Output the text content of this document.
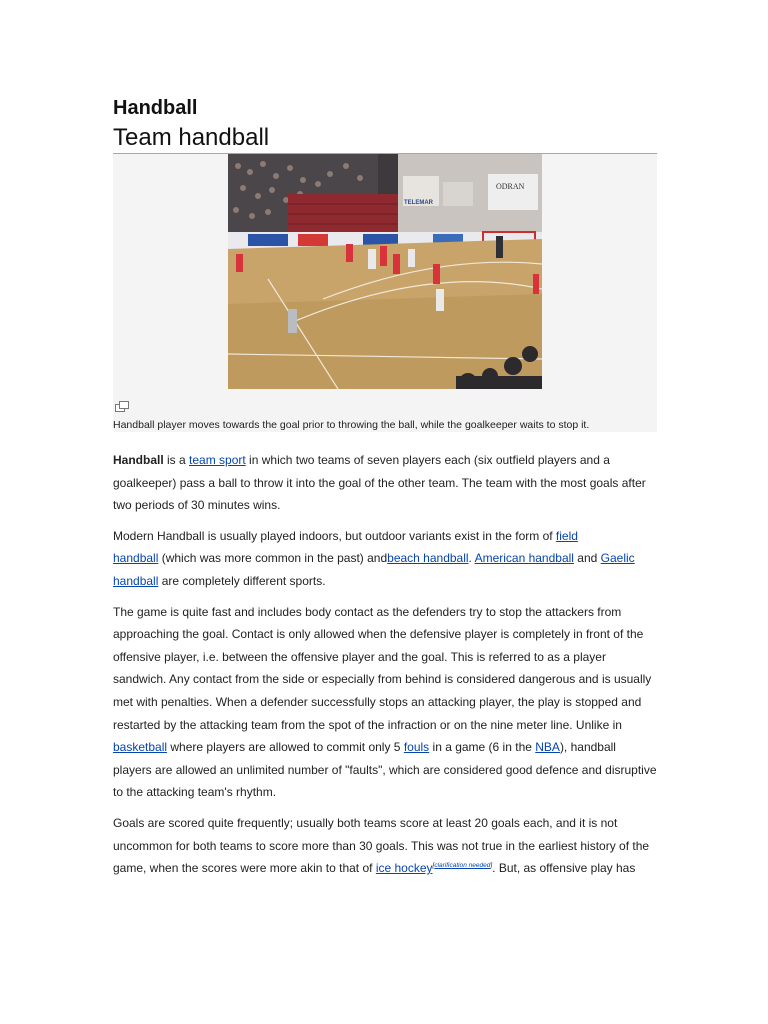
Handball
Team handball
ODRAN
TELEMAR
Handball player moves towards the goal prior to throwing the ball, while the goalkeeper waits to stop it.

Handball is a team sport in which two teams of seven players each (six outfield players and a goalkeeper) pass a ball to throw it into the goal of the other team. The team with the most goals after two periods of 30 minutes wins.

Modern Handball is usually played indoors, but outdoor variants exist in the form of field
handball (which was more common in the past) andbeach handball. American handball and Gaelic
handball are completely different sports.

The game is quite fast and includes body contact as the defenders try to stop the attackers from approaching the goal. Contact is only allowed when the defensive player is completely in front of the offensive player, i.e. between the offensive player and the goal. This is referred to as a player sandwich. Any contact from the side or especially from behind is considered dangerous and is usually met with penalties. When a defender successfully stops an attacking player, the play is stopped and restarted by the attacking team from the spot of the infraction or on the nine meter line. Unlike in basketball where players are allowed to commit only 5 fouls in a game (6 in the NBA), handball players are allowed an unlimited number of "faults", which are considered good defence and disruptive to the attacking team's rhythm.

Goals are scored quite frequently; usually both teams score at least 20 goals each, and it is not uncommon for both teams to score more than 30 goals. This was not true in the earliest history of the game, when the scores were more akin to that of ice hockey[clarification needed]. But, as offensive play has
